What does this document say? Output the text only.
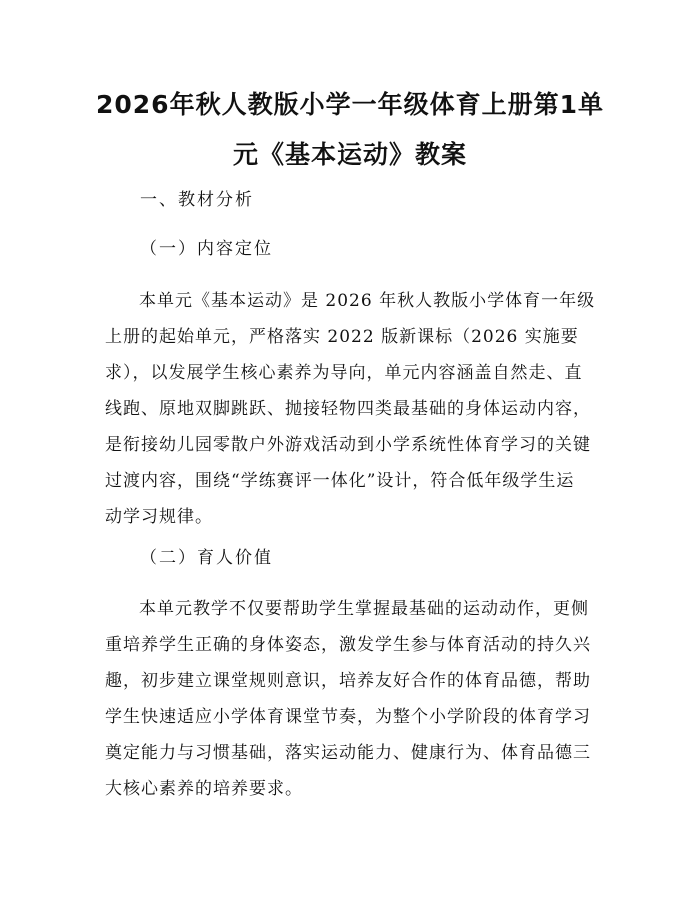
2026年秋人教版小学一年级体育上册第1单
元《基本运动》教案
一、教材分析
（一）内容定位
本单元《基本运动》是 2026 年秋人教版小学体育一年级
上册的起始单元，严格落实 2022 版新课标（2026 实施要
求），以发展学生核心素养为导向，单元内容涵盖自然走、直
线跑、原地双脚跳跃、抛接轻物四类最基础的身体运动内容，
是衔接幼儿园零散户外游戏活动到小学系统性体育学习的关键
过渡内容，围绕“学练赛评一体化”设计，符合低年级学生运
动学习规律。
（二）育人价值
本单元教学不仅要帮助学生掌握最基础的运动动作，更侧
重培养学生正确的身体姿态，激发学生参与体育活动的持久兴
趣，初步建立课堂规则意识，培养友好合作的体育品德，帮助
学生快速适应小学体育课堂节奏，为整个小学阶段的体育学习
奠定能力与习惯基础，落实运动能力、健康行为、体育品德三
大核心素养的培养要求。
